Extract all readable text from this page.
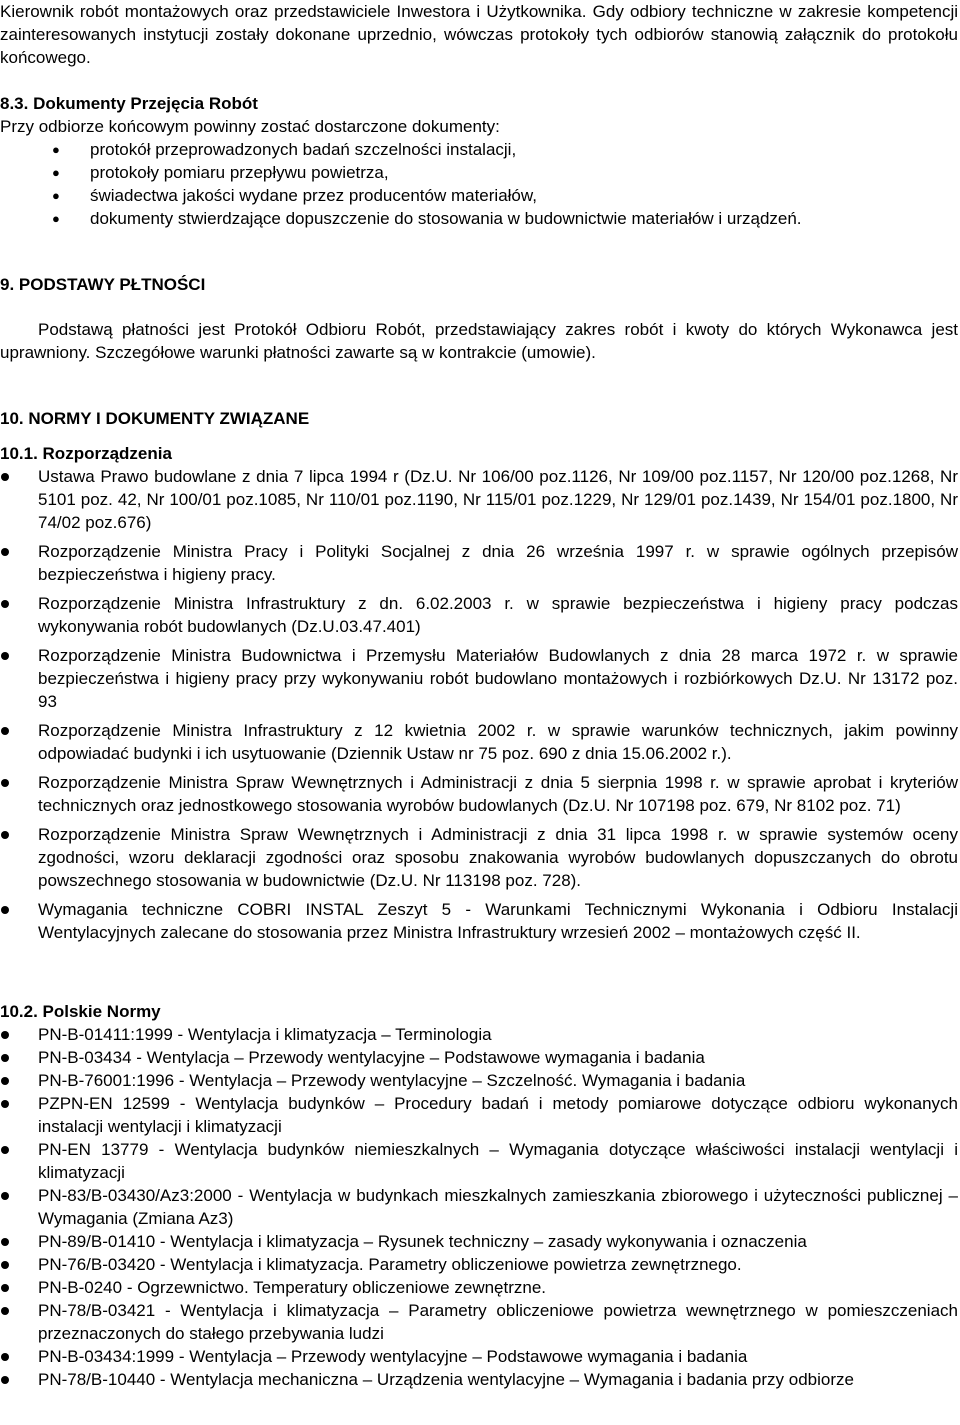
Kierownik robót montażowych oraz przedstawiciele Inwestora i Użytkownika. Gdy odbiory techniczne w zakresie kompetencji zainteresowanych instytucji zostały dokonane uprzednio, wówczas protokoły tych odbiorów stanowią załącznik do protokołu końcowego.

8.3. Dokumenty Przejęcia Robót

Przy odbiorze końcowym powinny zostać dostarczone dokumenty:

● protokół przeprowadzonych badań szczelności instalacji,
● protokoły pomiaru przepływu powietrza,
● świadectwa jakości wydane przez producentów materiałów,
● dokumenty stwierdzające dopuszczenie do stosowania w budownictwie materiałów i urządzeń.

9. PODSTAWY PŁTNOŚCI

Podstawą płatności jest Protokół Odbioru Robót, przedstawiający zakres robót i kwoty do których Wykonawca jest uprawniony. Szczegółowe warunki płatności zawarte są w kontrakcie (umowie).

10. NORMY I DOKUMENTY ZWIĄZANE

10.1. Rozporządzenia

Ustawa Prawo budowlane z dnia 7 lipca 1994 r (Dz.U. Nr 106/00 poz.1126, Nr 109/00 poz.1157, Nr 120/00 poz.1268, Nr 5101 poz. 42, Nr 100/01 poz.1085, Nr 110/01 poz.1190, Nr 115/01 poz.1229, Nr 129/01 poz.1439, Nr 154/01 poz.1800, Nr 74/02 poz.676)
Rozporządzenie Ministra Pracy i Polityki Socjalnej z dnia 26 września 1997 r. w sprawie ogólnych przepisów bezpieczeństwa i higieny pracy.
Rozporządzenie Ministra Infrastruktury z dn. 6.02.2003 r. w sprawie bezpieczeństwa i higieny pracy podczas wykonywania robót budowlanych (Dz.U.03.47.401)
Rozporządzenie Ministra Budownictwa i Przemysłu Materiałów Budowlanych z dnia 28 marca 1972 r. w sprawie bezpieczeństwa i higieny pracy przy wykonywaniu robót budowlano montażowych i rozbiórkowych Dz.U. Nr 13172 poz. 93
Rozporządzenie Ministra Infrastruktury z 12 kwietnia 2002 r. w sprawie warunków technicznych, jakim powinny odpowiadać budynki i ich usytuowanie (Dziennik Ustaw nr 75 poz. 690 z dnia 15.06.2002 r.).
Rozporządzenie Ministra Spraw Wewnętrznych i Administracji z dnia 5 sierpnia 1998 r. w sprawie aprobat i kryteriów technicznych oraz jednostkowego stosowania wyrobów budowlanych (Dz.U. Nr 107198 poz. 679, Nr 8102 poz. 71)
Rozporządzenie Ministra Spraw Wewnętrznych i Administracji z dnia 31 lipca 1998 r. w sprawie systemów oceny zgodności, wzoru deklaracji zgodności oraz sposobu znakowania wyrobów budowlanych dopuszczanych do obrotu powszechnego stosowania w budownictwie (Dz.U. Nr 113198 poz. 728).
Wymagania techniczne COBRI INSTAL Zeszyt 5 - Warunkami Technicznymi Wykonania i Odbioru Instalacji Wentylacyjnych zalecane do stosowania przez Ministra Infrastruktury wrzesień 2002 – montażowych część II.

10.2. Polskie Normy

PN-B-01411:1999 - Wentylacja i klimatyzacja – Terminologia
PN-B-03434 - Wentylacja – Przewody wentylacyjne – Podstawowe wymagania i badania
PN-B-76001:1996 - Wentylacja – Przewody wentylacyjne – Szczelność. Wymagania i badania
PZPN-EN 12599 - Wentylacja budynków – Procedury badań i metody pomiarowe dotyczące odbioru wykonanych instalacji wentylacji i klimatyzacji
PN-EN 13779 - Wentylacja budynków niemieszkalnych – Wymagania dotyczące właściwości instalacji wentylacji i klimatyzacji
PN-83/B-03430/Az3:2000 - Wentylacja w budynkach mieszkalnych zamieszkania zbiorowego i użyteczności publicznej – Wymagania (Zmiana Az3)
PN-89/B-01410 - Wentylacja i klimatyzacja – Rysunek techniczny – zasady wykonywania i oznaczenia
PN-76/B-03420 - Wentylacja i klimatyzacja. Parametry obliczeniowe powietrza zewnętrznego.
PN-B-0240 - Ogrzewnictwo. Temperatury obliczeniowe zewnętrzne.
PN-78/B-03421 - Wentylacja i klimatyzacja – Parametry obliczeniowe powietrza wewnętrznego w pomieszczeniach przeznaczonych do stałego przebywania ludzi
PN-B-03434:1999 - Wentylacja – Przewody wentylacyjne – Podstawowe wymagania i badania
PN-78/B-10440 - Wentylacja mechaniczna – Urządzenia wentylacyjne – Wymagania i badania przy odbiorze
